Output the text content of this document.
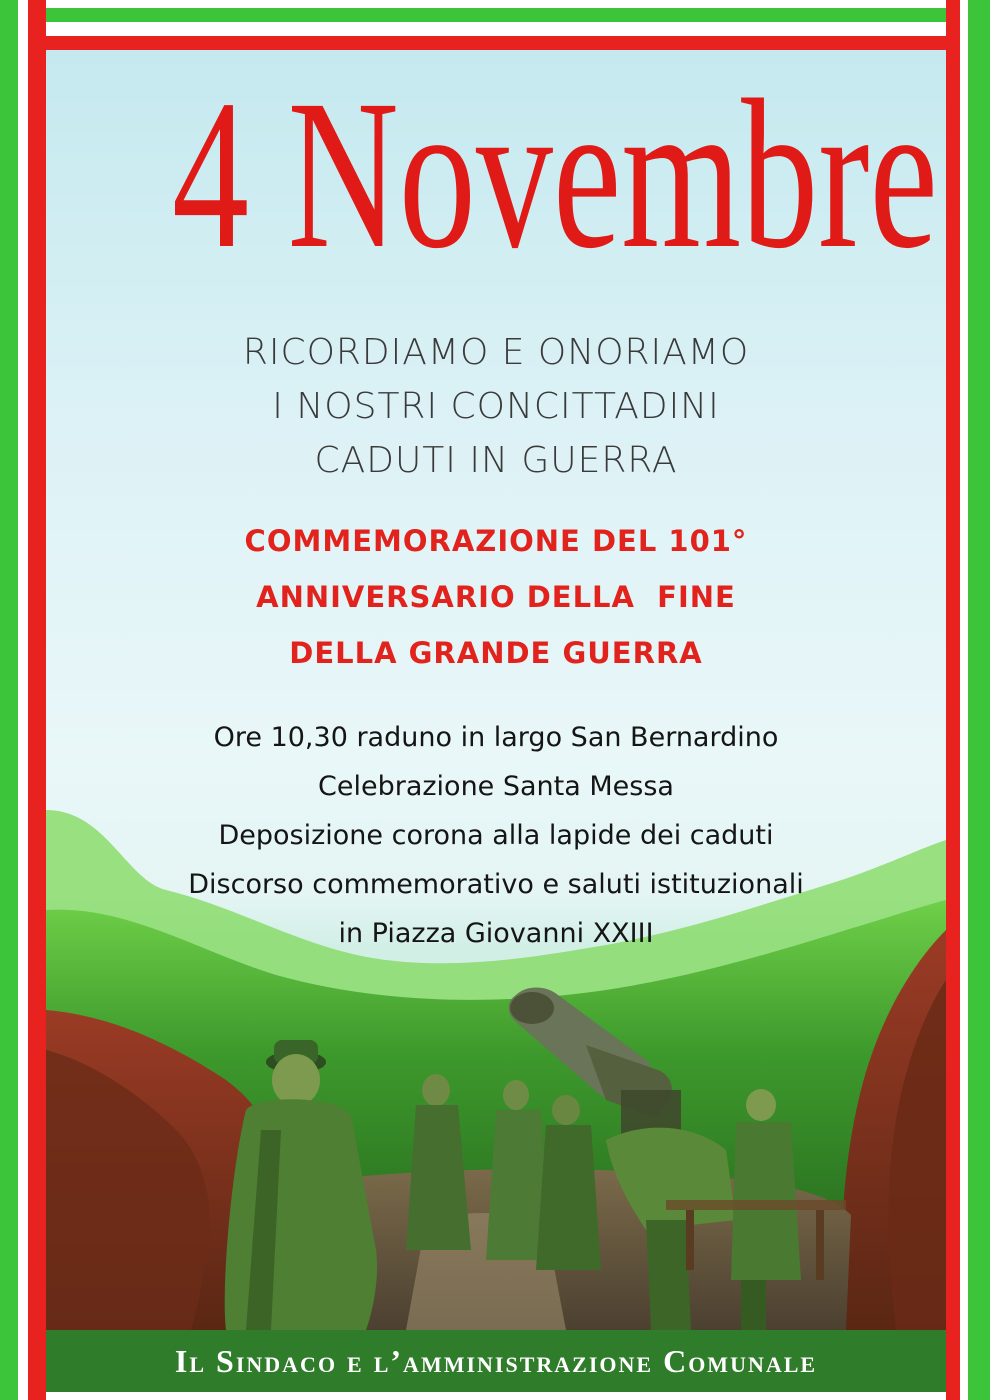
4 Novembre
RICORDIAMO E ONORIAMO
I NOSTRI CONCITTADINI
CADUTI IN GUERRA
COMMEMORAZIONE DEL 101°
ANNIVERSARIO DELLA  FINE
DELLA GRANDE GUERRA
Ore 10,30 raduno in largo San Bernardino
Celebrazione Santa Messa
Deposizione corona alla lapide dei caduti
Discorso commemorativo e saluti istituzionali
in Piazza Giovanni XXIII
Il Sindaco e l’amministrazione Comunale
